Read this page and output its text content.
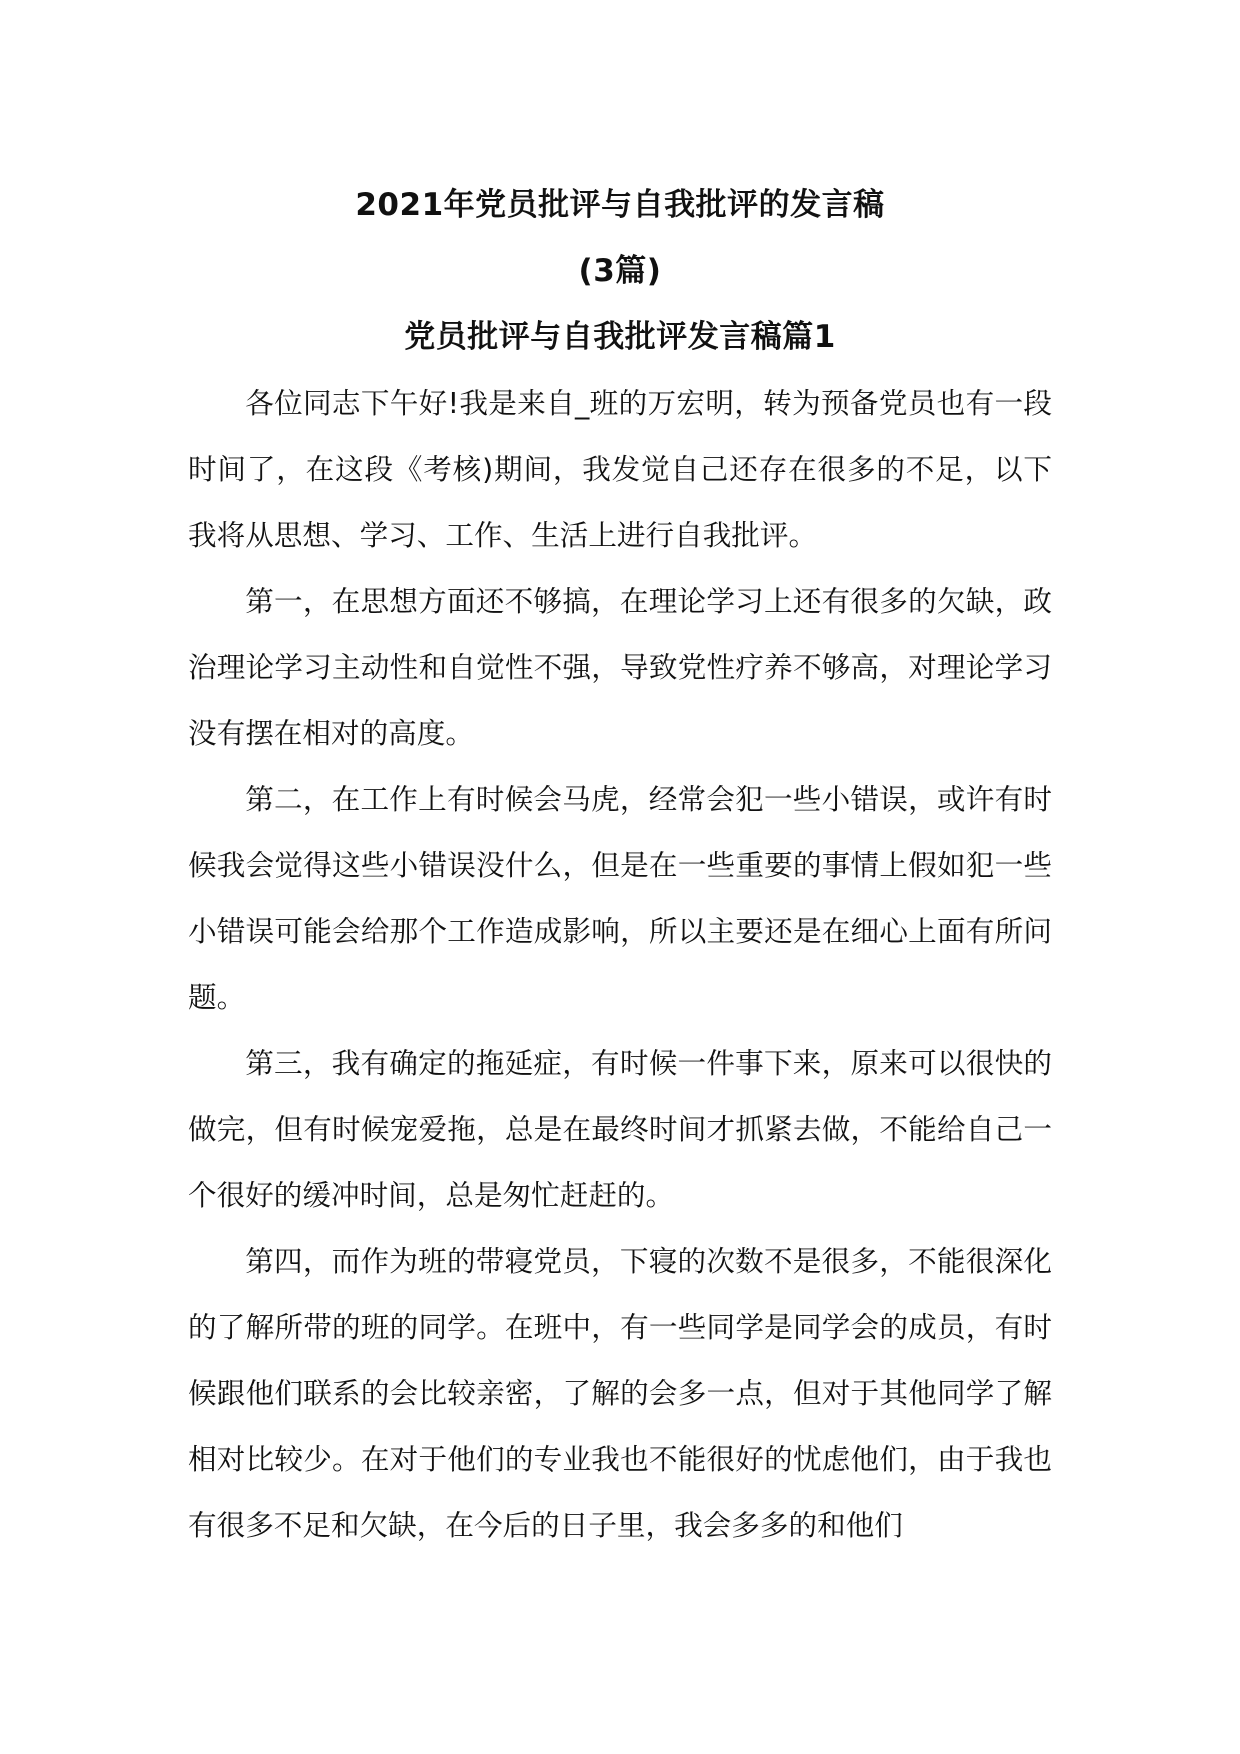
2021年党员批评与自我批评的发言稿
(3篇)
党员批评与自我批评发言稿篇1

各位同志下午好!我是来自_班的万宏明，转为预备党员也有一段时间了，在这段《考核)期间，我发觉自己还存在很多的不足，以下我将从思想、学习、工作、生活上进行自我批评。

第一，在思想方面还不够搞，在理论学习上还有很多的欠缺，政治理论学习主动性和自觉性不强，导致党性疗养不够高，对理论学习没有摆在相对的高度。

第二，在工作上有时候会马虎，经常会犯一些小错误，或许有时候我会觉得这些小错误没什么，但是在一些重要的事情上假如犯一些小错误可能会给那个工作造成影响，所以主要还是在细心上面有所问题。

第三，我有确定的拖延症，有时候一件事下来，原来可以很快的做完，但有时候宠爱拖，总是在最终时间才抓紧去做，不能给自己一个很好的缓冲时间，总是匆忙赶赶的。

第四，而作为班的带寝党员，下寝的次数不是很多，不能很深化的了解所带的班的同学。在班中，有一些同学是同学会的成员，有时候跟他们联系的会比较亲密，了解的会多一点，但对于其他同学了解相对比较少。在对于他们的专业我也不能很好的忧虑他们，由于我也有很多不足和欠缺，在今后的日子里，我会多多的和他们
